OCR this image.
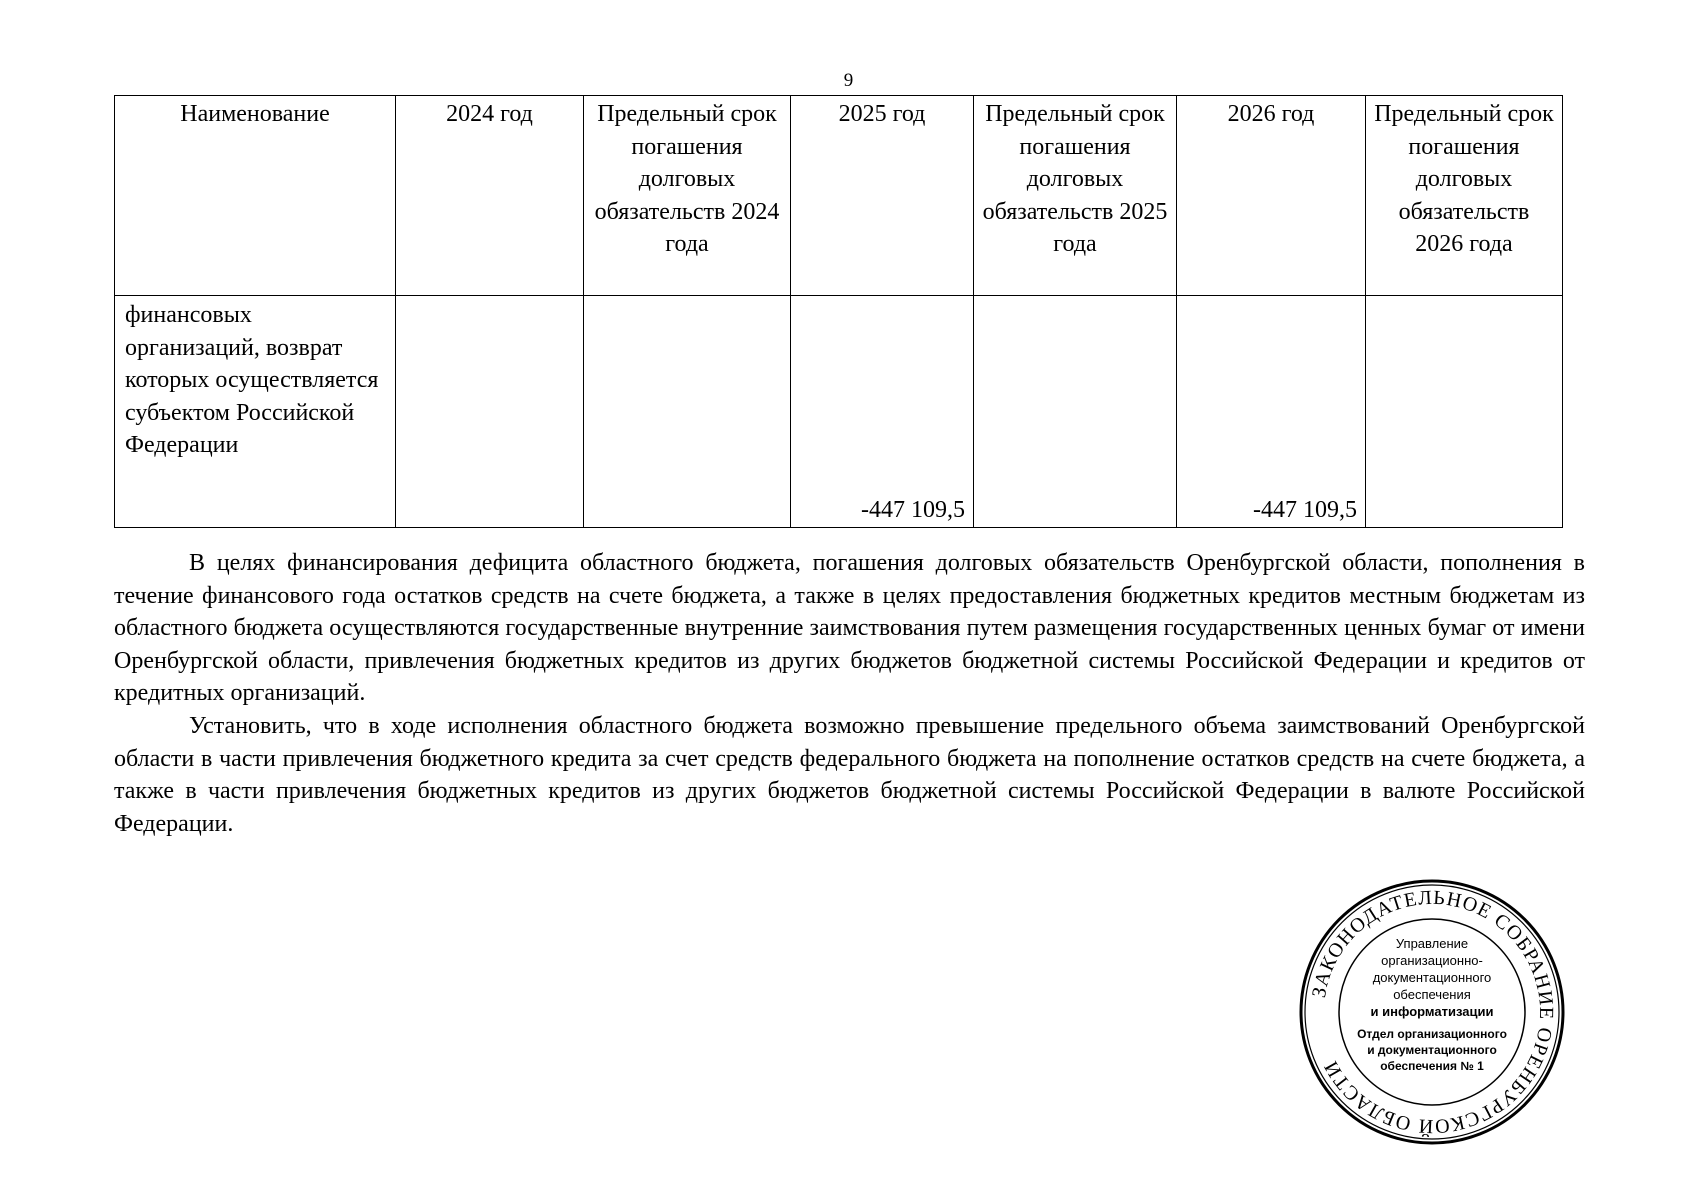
9
Наименование	2024 год	Предельный срок погашения долговых обязательств 2024 года	2025 год	Предельный срок погашения долговых обязательств 2025 года	2026 год	Предельный срок погашения долговых обязательств 2026 года
финансовых организаций, возврат которых осуществляется субъектом Российской Федерации			-447 109,5		-447 109,5	

В целях финансирования дефицита областного бюджета, погашения долговых обязательств Оренбургской области, пополнения в течение финансового года остатков средств на счете бюджета, а также в целях предоставления бюджетных кредитов местным бюджетам из областного бюджета осуществляются государственные внутренние заимствования путем размещения государственных ценных бумаг от имени Оренбургской области, привлечения бюджетных кредитов из других бюджетов бюджетной системы Российской Федерации и кредитов от кредитных организаций.

Установить, что в ходе исполнения областного бюджета возможно превышение предельного объема заимствований Оренбургской области в части привлечения бюджетного кредита за счет средств федерального бюджета на пополнение остатков средств на счете бюджета, а также в части привлечения бюджетных кредитов из других бюджетов бюджетной системы Российской Федерации в валюте Российской Федерации.

ЗАКОНОДАТЕЛЬНОЕ СОБРАНИЕ ОРЕНБУРГСКОЙ ОБЛАСТИ
Управление
организационно-
документационного
обеспечения
и информатизации
Отдел организационного
и документационного
обеспечения № 1
